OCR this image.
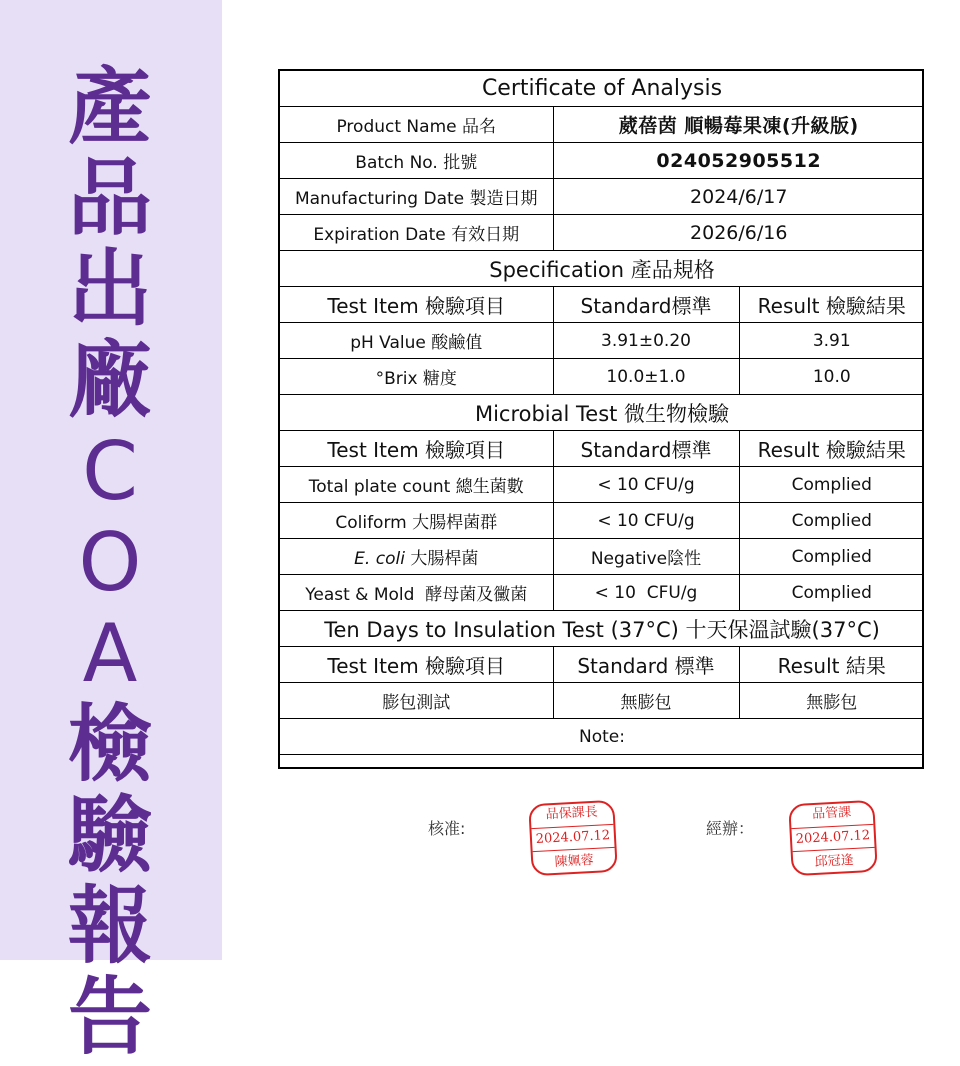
產
品
出
廠
C
O
A
檢
驗
報
告
Certificate of Analysis		
Product Name 品名	葳蓓茵 順暢莓果凍(升級版)	
Batch No. 批號	024052905512	
Manufacturing Date 製造日期	2024/6/17	
Expiration Date 有效日期	2026/6/16	
Specification 產品規格		
Test Item 檢驗項目	Standard標準	Result 檢驗結果
pH Value 酸鹼值	3.91±0.20	3.91
°Brix 糖度	10.0±1.0	10.0
Microbial Test 微生物檢驗		
Test Item 檢驗項目	Standard標準	Result 檢驗結果
Total plate count 總生菌數	< 10 CFU/g	Complied
Coliform 大腸桿菌群	< 10 CFU/g	Complied
E. coli 大腸桿菌	Negative陰性	Complied
Yeast & Mold  酵母菌及黴菌	< 10  CFU/g	Complied
Ten Days to Insulation Test (37°C) 十天保溫試驗(37°C)		
Test Item 檢驗項目	Standard 標準	Result 結果
膨包測試	無膨包	無膨包
Note:		
核准:
品保課長
2024.07.12
陳姵蓉
經辦：
品管課
2024.07.12
邱冠逢
